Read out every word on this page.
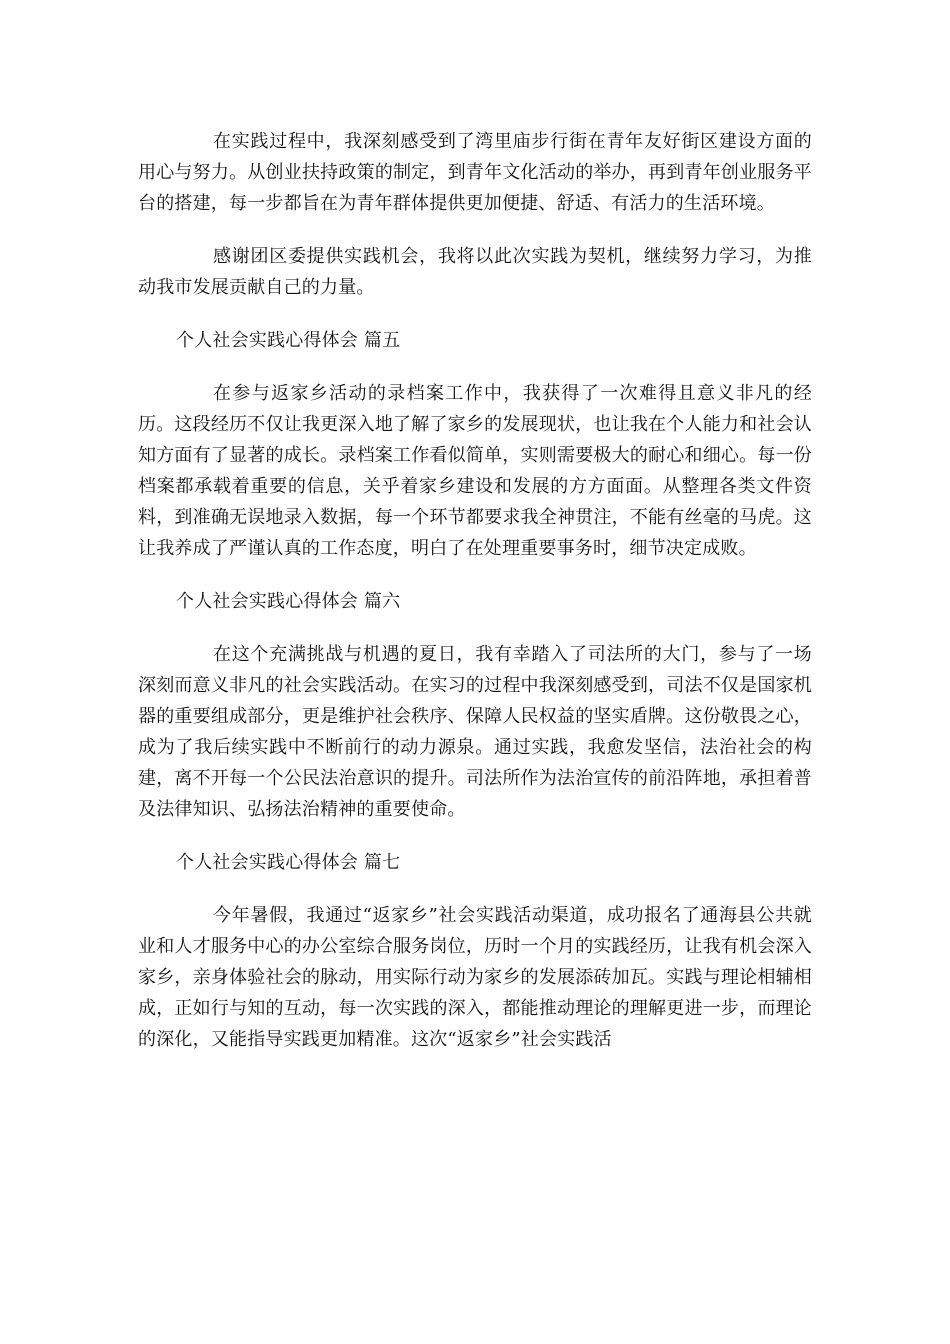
在实践过程中，我深刻感受到了湾里庙步行街在青年友好街区建设方面的用心与努力。从创业扶持政策的制定，到青年文化活动的举办，再到青年创业服务平台的搭建，每一步都旨在为青年群体提供更加便捷、舒适、有活力的生活环境。

感谢团区委提供实践机会，我将以此次实践为契机，继续努力学习，为推动我市发展贡献自己的力量。

个人社会实践心得体会 篇五

在参与返家乡活动的录档案工作中，我获得了一次难得且意义非凡的经历。这段经历不仅让我更深入地了解了家乡的发展现状，也让我在个人能力和社会认知方面有了显著的成长。录档案工作看似简单，实则需要极大的耐心和细心。每一份档案都承载着重要的信息，关乎着家乡建设和发展的方方面面。从整理各类文件资料，到准确无误地录入数据，每一个环节都要求我全神贯注，不能有丝毫的马虎。这让我养成了严谨认真的工作态度，明白了在处理重要事务时，细节决定成败。

个人社会实践心得体会 篇六

在这个充满挑战与机遇的夏日，我有幸踏入了司法所的大门，参与了一场深刻而意义非凡的社会实践活动。在实习的过程中我深刻感受到，司法不仅是国家机器的重要组成部分，更是维护社会秩序、保障人民权益的坚实盾牌。这份敬畏之心，成为了我后续实践中不断前行的动力源泉。通过实践，我愈发坚信，法治社会的构建，离不开每一个公民法治意识的提升。司法所作为法治宣传的前沿阵地，承担着普及法律知识、弘扬法治精神的重要使命。

个人社会实践心得体会 篇七

今年暑假，我通过“返家乡”社会实践活动渠道，成功报名了通海县公共就业和人才服务中心的办公室综合服务岗位，历时一个月的实践经历，让我有机会深入家乡，亲身体验社会的脉动，用实际行动为家乡的发展添砖加瓦。实践与理论相辅相成，正如行与知的互动，每一次实践的深入，都能推动理论的理解更进一步，而理论的深化，又能指导实践更加精准。这次“返家乡”社会实践活
